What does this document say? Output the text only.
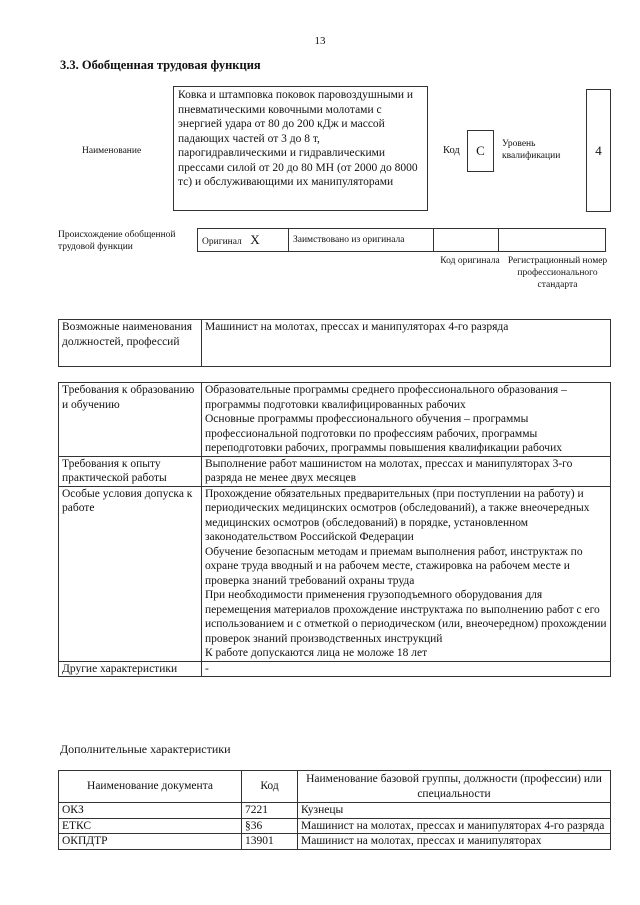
13
3.3. Обобщенная трудовая функция
Наименование
Ковка и штамповка поковок паровоздушными и пневматическими ковочными молотами с энергией удара от 80 до 200 кДж и массой падающих частей от 3 до 8 т, парогидравлическими и гидравлическими прессами силой от 20 до 80 МН (от 2000 до 8000 тс) и обслуживающими их манипуляторами
Код	C	Уровень квалификации	4
Происхождение обобщенной трудовой функции	Оригинал X	Заимствовано из оригинала		
Код оригинала Регистрационный номер профессионального стандарта
Возможные наименования должностей, профессий	Машинист на молотах, прессах и манипуляторах 4-го разряда
Требования к образованию и обучению	Образовательные программы среднего профессионального образования – программы подготовки квалифицированных рабочих
Основные программы профессионального обучения – программы профессиональной подготовки по профессиям рабочих, программы переподготовки рабочих, программы повышения квалификации рабочих

Требования к опыту практической работы	Выполнение работ машинистом на молотах, прессах и манипуляторах 3-го разряда не менее двух месяцев
Особые условия допуска к работе	Прохождение обязательных предварительных (при поступлении на работу) и периодических медицинских осмотров (обследований), а также внеочередных медицинских осмотров (обследований) в порядке, установленном законодательством Российской Федерации
Обучение безопасным методам и приемам выполнения работ, инструктаж по охране труда вводный и на рабочем месте, стажировка на рабочем месте и проверка знаний требований охраны труда
При необходимости применения грузоподъемного оборудования для перемещения материалов прохождение инструктажа по выполнению работ с его использованием и с отметкой о периодическом (или, внеочередном) прохождении проверок знаний производственных инструкций
К работе допускаются лица не моложе 18 лет

Другие характеристики	-
Дополнительные характеристики
Наименование документа	Код	Наименование базовой группы, должности (профессии) или специальности
ОКЗ	7221	Кузнецы
ЕТКС	§36	Машинист на молотах, прессах и манипуляторах 4-го разряда
ОКПДТР	13901	Машинист на молотах, прессах и манипуляторах
